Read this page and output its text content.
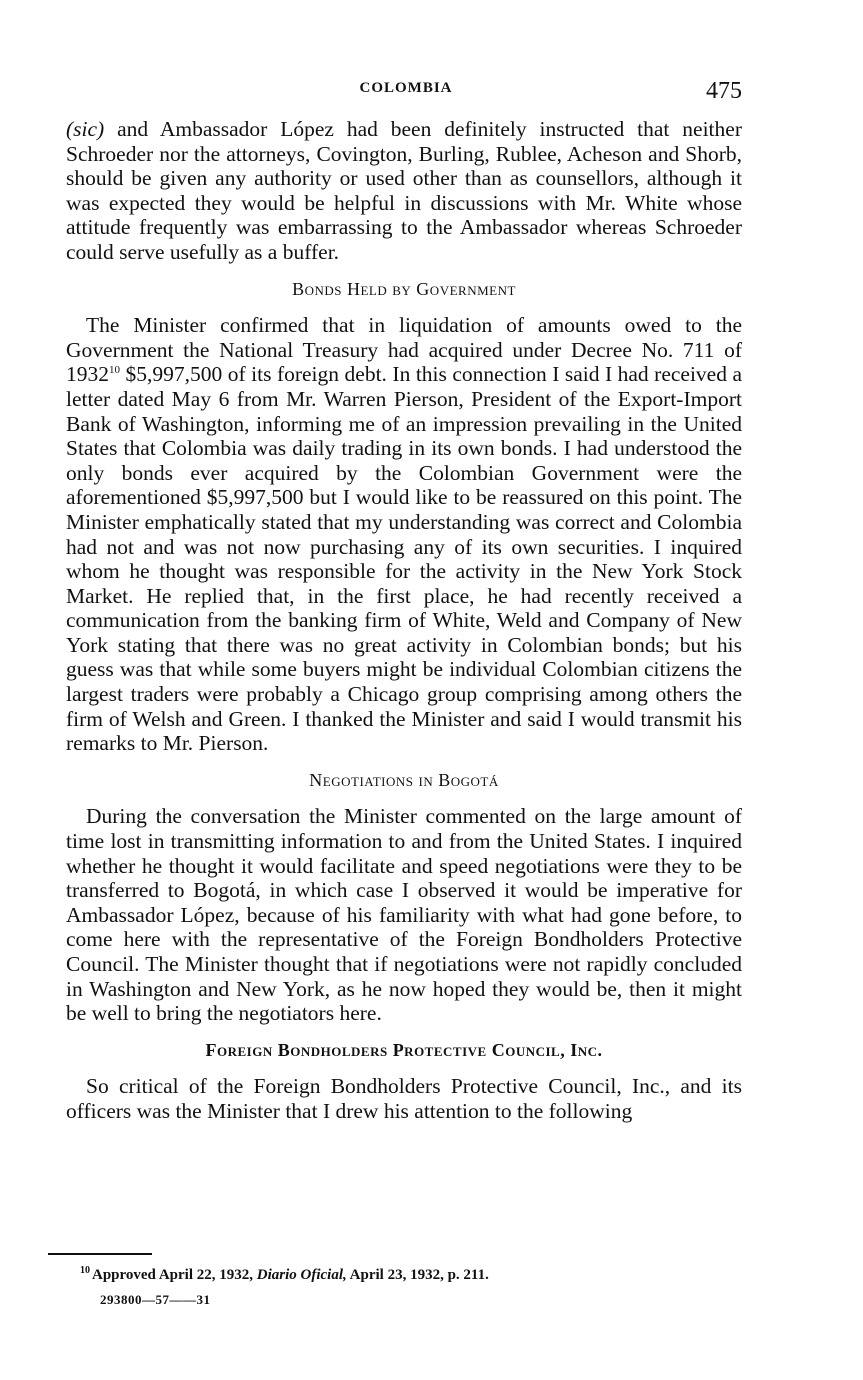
COLOMBIA	475

(sic) and Ambassador López had been definitely instructed that neither Schroeder nor the attorneys, Covington, Burling, Rublee, Acheson and Shorb, should be given any authority or used other than as counsellors, although it was expected they would be helpful in discussions with Mr. White whose attitude frequently was embarrassing to the Ambassador whereas Schroeder could serve usefully as a buffer.

Bonds Held by Government

The Minister confirmed that in liquidation of amounts owed to the Government the National Treasury had acquired under Decree No. 711 of 1932$^{10}$ $5,997,500 of its foreign debt. In this connection I said I had received a letter dated May 6 from Mr. Warren Pierson, President of the Export-Import Bank of Washington, informing me of an impression prevailing in the United States that Colombia was daily trading in its own bonds. I had understood the only bonds ever acquired by the Colombian Government were the aforementioned $5,997,500 but I would like to be reassured on this point. The Minister emphatically stated that my understanding was correct and Colombia had not and was not now purchasing any of its own securities. I inquired whom he thought was responsible for the activity in the New York Stock Market. He replied that, in the first place, he had recently received a communication from the banking firm of White, Weld and Company of New York stating that there was no great activity in Colombian bonds; but his guess was that while some buyers might be individual Colombian citizens the largest traders were probably a Chicago group comprising among others the firm of Welsh and Green. I thanked the Minister and said I would transmit his remarks to Mr. Pierson.

Negotiations in Bogotá

During the conversation the Minister commented on the large amount of time lost in transmitting information to and from the United States. I inquired whether he thought it would facilitate and speed negotiations were they to be transferred to Bogotá, in which case I observed it would be imperative for Ambassador López, because of his familiarity with what had gone before, to come here with the representative of the Foreign Bondholders Protective Council. The Minister thought that if negotiations were not rapidly concluded in Washington and New York, as he now hoped they would be, then it might be well to bring the negotiators here.

Foreign Bondholders Protective Council, Inc.

So critical of the Foreign Bondholders Protective Council, Inc., and its officers was the Minister that I drew his attention to the following

$^{10}$ Approved April 22, 1932, Diario Oficial, April 23, 1932, p. 211.
293800—57——31
